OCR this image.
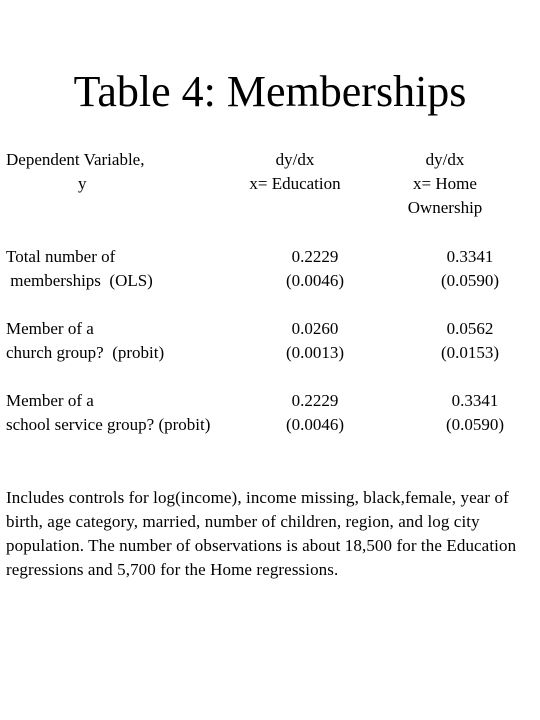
Table 4: Memberships
Dependent Variable,
y
dy/dx
x= Education
dy/dx
x= Home
Ownership
Total number of
memberships  (OLS)
0.2229
(0.0046)
0.3341
(0.0590)
Member of a
church group?  (probit)
0.0260
(0.0013)
0.0562
(0.0153)
Member of a
school service group? (probit)
0.2229
(0.0046)
0.3341
(0.0590)
Includes controls for log(income), income missing, black,female, year of birth, age category, married, number of children, region, and log city population. The number of observations is about 18,500 for the Education regressions and 5,700 for the Home regressions.
